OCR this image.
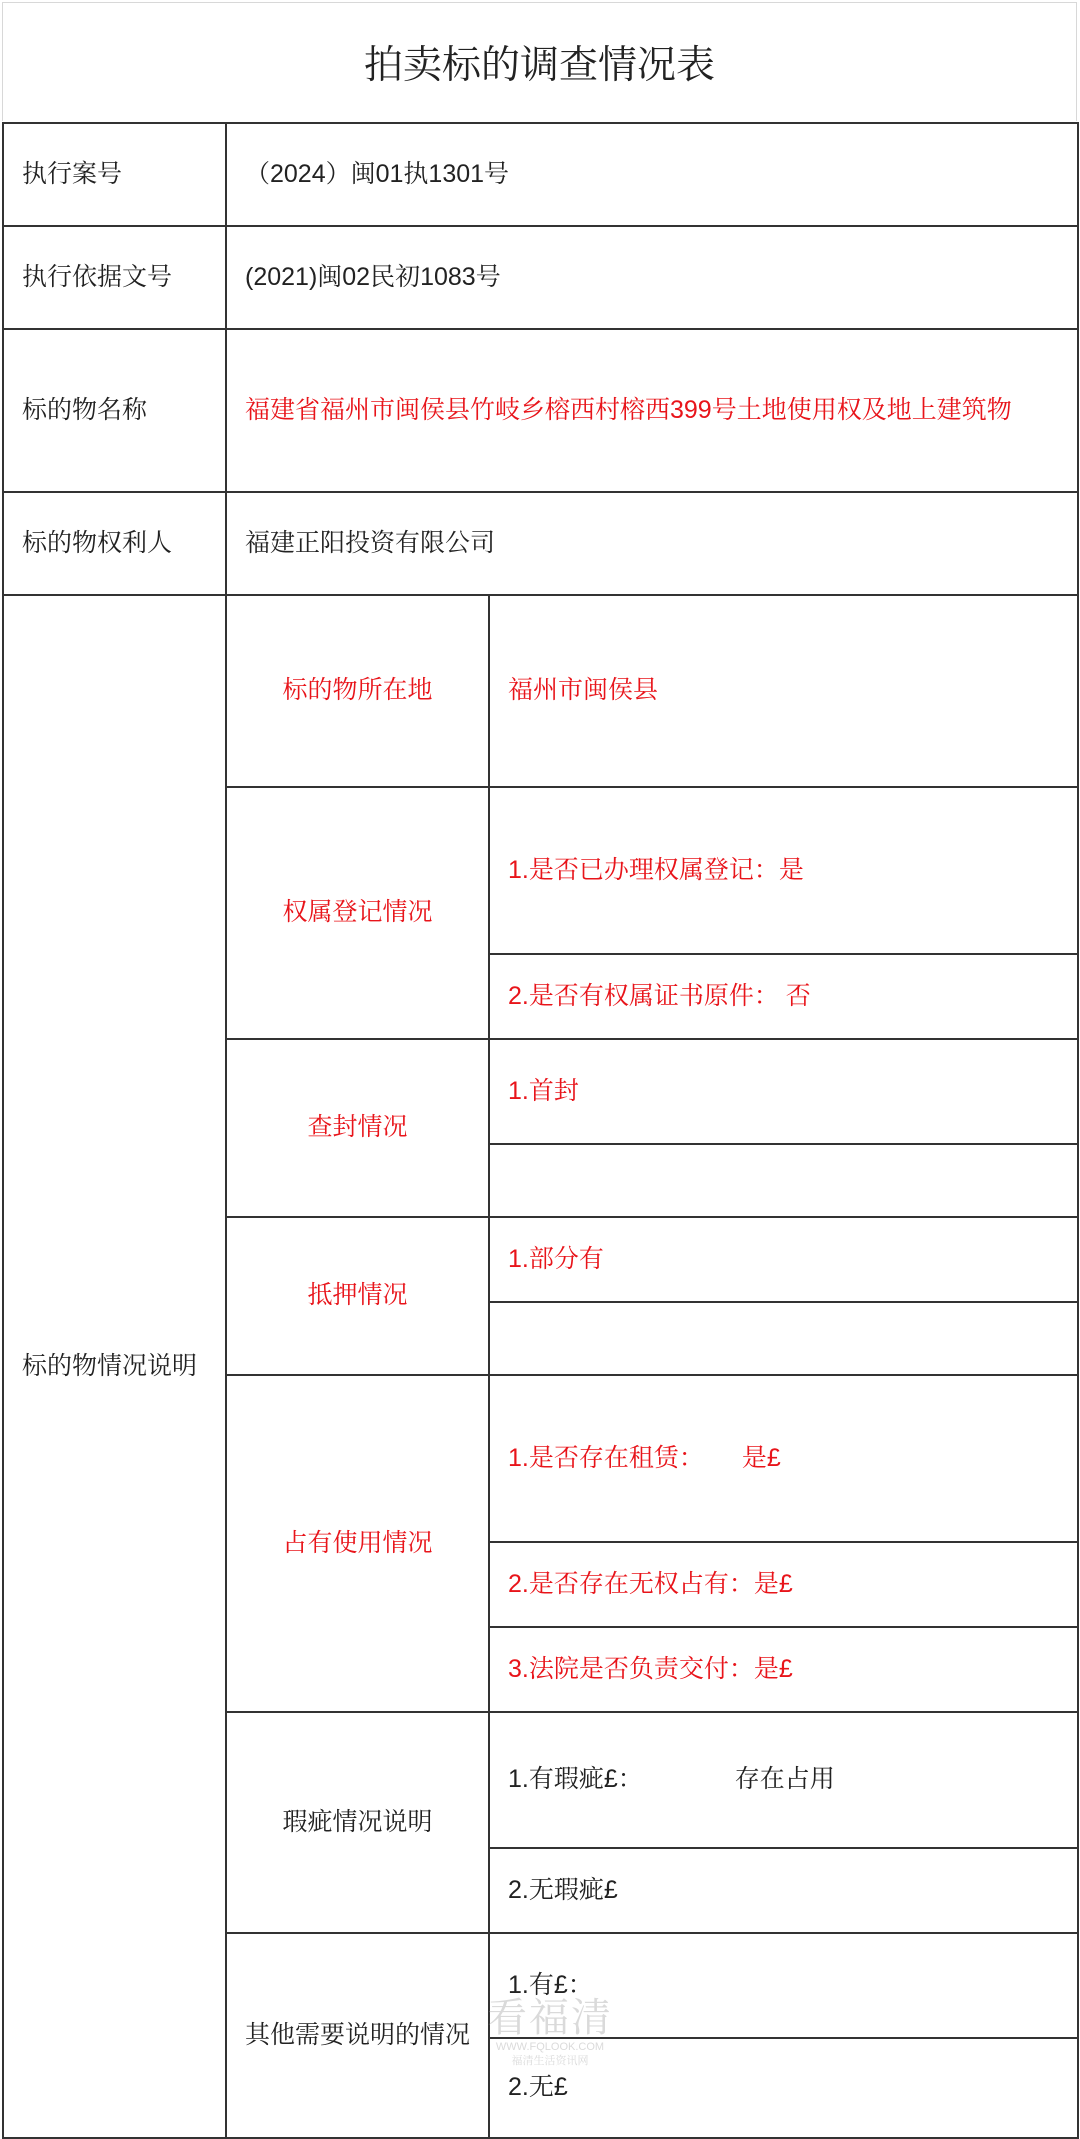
拍卖标的调查情况表
执行案号	（2024）闽01执1301号	
执行依据文号	(2021)闽02民初1083号	
标的物名称	福建省福州市闽侯县竹岐乡榕西村榕西399号土地使用权及地上建筑物	
标的物权利人	福建正阳投资有限公司	
标的物情况说明	标的物所在地	福州市闽侯县
	权属登记情况	1.是否已办理权属登记：是
		2.是否有权属证书原件： 否
	查封情况	1.首封

	抵押情况	1.部分有

	占有使用情况	1.是否存在租赁： 是£
		2.是否存在无权占有：是£
		3.法院是否负责交付：是£
	瑕疵情况说明	1.有瑕疵£： 存在占用
		2.无瑕疵£
	其他需要说明的情况	1.有£：
		2.无£
看福清
WWW.FQLOOK.COM
福清生活资讯网
